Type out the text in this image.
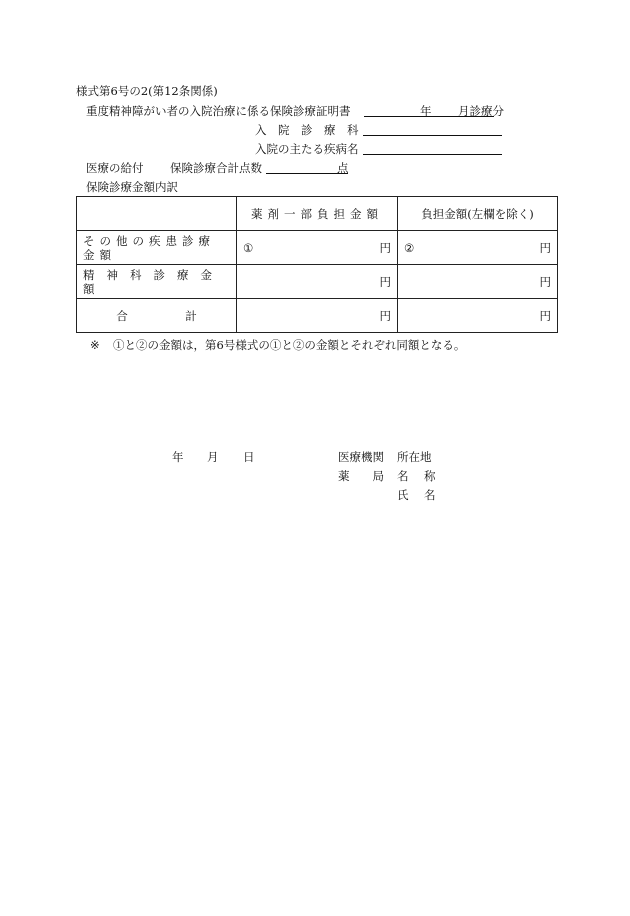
様式第6号の2(第12条関係)
重度精神障がい者の入院治療に係る保険診療証明書	年 月診療分
入　院　診　療　科
入院の主たる疾病名
医療の給付 保険診療合計点数	点
保険診療金額内訳
	薬剤一部負担金額	負担金額(左欄を除く)
その他の疾患診療金額	① 円	② 円

精神科診療金額	円	円

合　　　　　計	円	円
※ ①と②の金額は，第6号様式の①と②の金額とそれぞれ同額となる。
年 月 日	医療機関 所在地
薬　　局 名　称
氏　名
